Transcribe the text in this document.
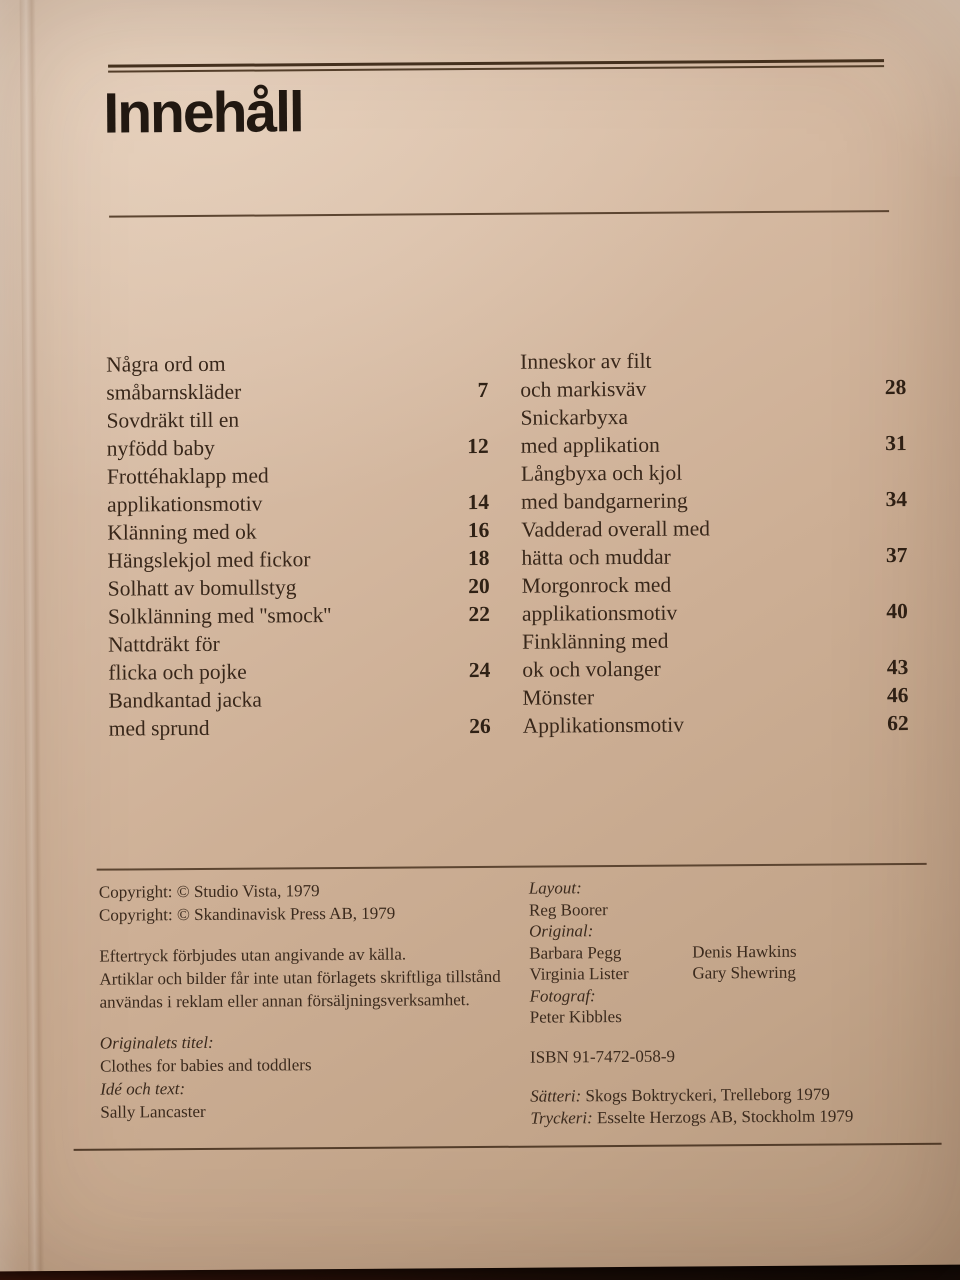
Innehåll
Några ord om
småbarnskläder	7
Sovdräkt till en
nyfödd baby	12
Frottéhaklapp med
applikationsmotiv	14
Klänning med ok	16
Hängslekjol med fickor	18
Solhatt av bomullstyg	20
Solklänning med ''smock''	22
Nattdräkt för
flicka och pojke	24
Bandkantad jacka
med sprund	26
Inneskor av filt
och markisväv	28
Snickarbyxa
med applikation	31
Långbyxa och kjol
med bandgarnering	34
Vadderad overall med
hätta och muddar	37
Morgonrock med
applikationsmotiv	40
Finklänning med
ok och volanger	43
Mönster	46
Applikationsmotiv	62
Copyright: © Studio Vista, 1979
Copyright: © Skandinavisk Press AB, 1979
Eftertryck förbjudes utan angivande av källa.
Artiklar och bilder får inte utan förlagets skriftliga tillstånd
användas i reklam eller annan försäljningsverksamhet.
Originalets titel:
Clothes for babies and toddlers
Idé och text:
Sally Lancaster
Layout:
Reg Boorer
Original:
Barbara Pegg	Denis Hawkins
Virginia Lister	Gary Shewring
Fotograf:
Peter Kibbles
ISBN 91-7472-058-9
Sätteri: Skogs Boktryckeri, Trelleborg 1979
Tryckeri: Esselte Herzogs AB, Stockholm 1979
